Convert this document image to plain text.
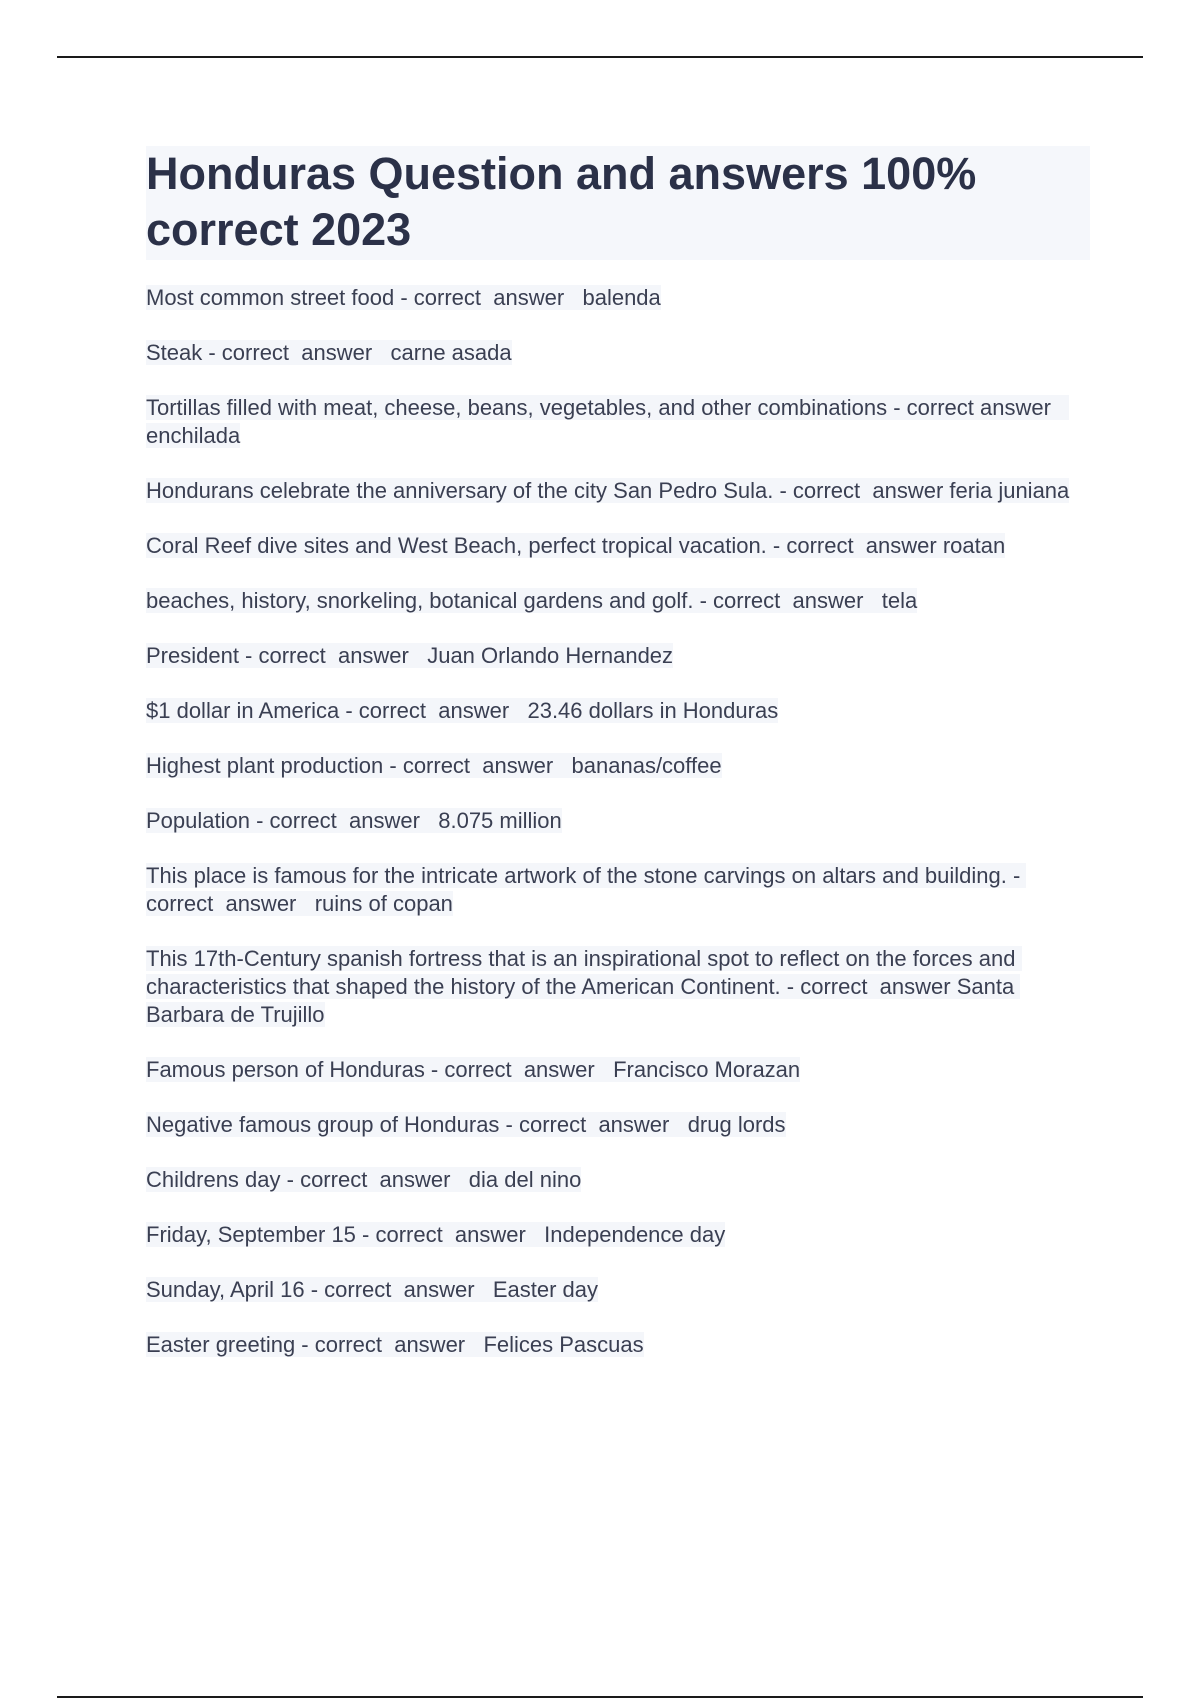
Honduras Question and answers 100% correct 2023
Most common street food - correct  answer   balenda
Steak - correct  answer   carne asada
Tortillas filled with meat, cheese, beans, vegetables, and other combinations - correct answer   enchilada
Hondurans celebrate the anniversary of the city San Pedro Sula. - correct  answer feria juniana
Coral Reef dive sites and West Beach, perfect tropical vacation. - correct  answer roatan
beaches, history, snorkeling, botanical gardens and golf. - correct  answer   tela
President - correct  answer   Juan Orlando Hernandez
$1 dollar in America - correct  answer   23.46 dollars in Honduras
Highest plant production - correct  answer   bananas/coffee
Population - correct  answer   8.075 million
This place is famous for the intricate artwork of the stone carvings on altars and building. - correct  answer   ruins of copan
This 17th-Century spanish fortress that is an inspirational spot to reflect on the forces and characteristics that shaped the history of the American Continent. - correct  answer Santa Barbara de Trujillo
Famous person of Honduras - correct  answer   Francisco Morazan
Negative famous group of Honduras - correct  answer   drug lords
Childrens day - correct  answer   dia del nino
Friday, September 15 - correct  answer   Independence day
Sunday, April 16 - correct  answer   Easter day
Easter greeting - correct  answer   Felices Pascuas
